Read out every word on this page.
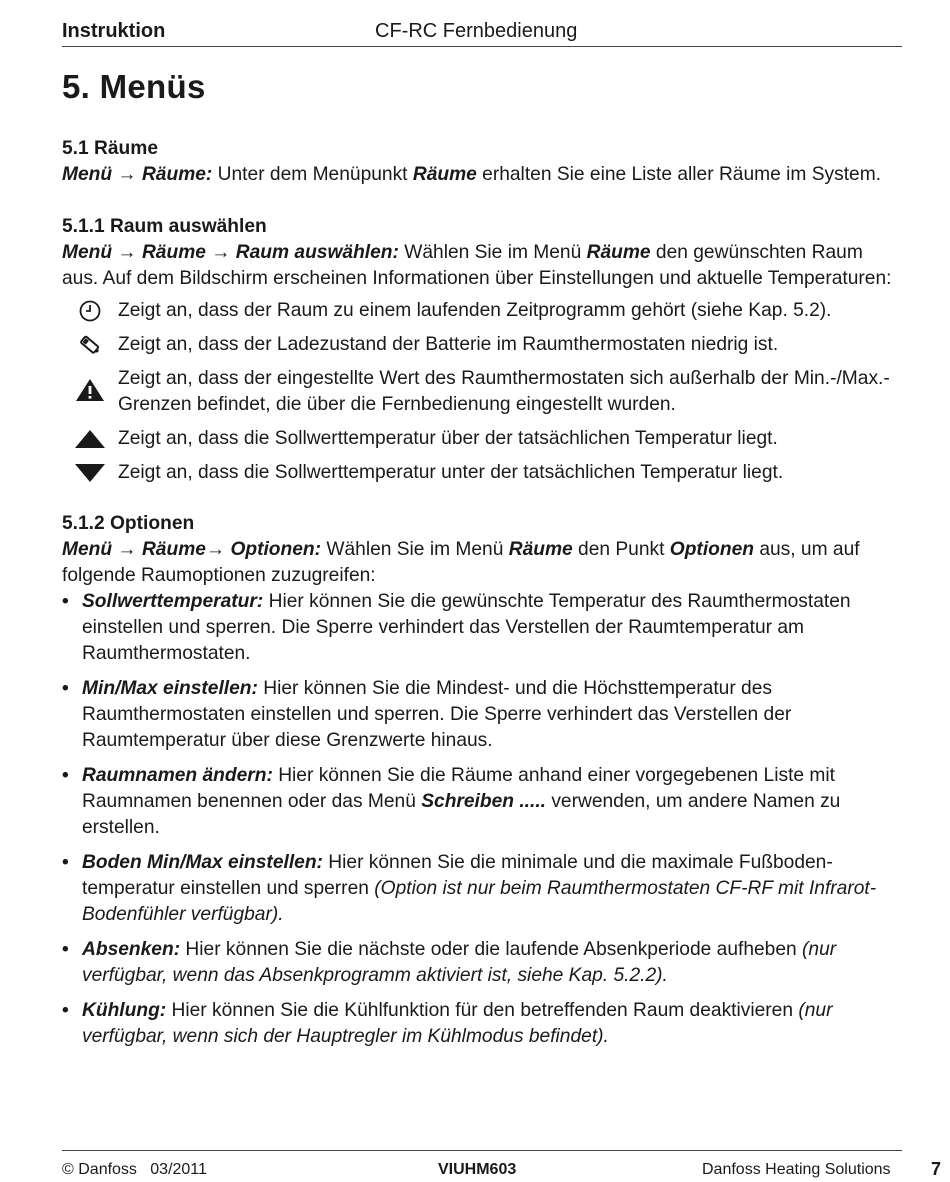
Instruktion	CF-RC Fernbedienung
5. Menüs

5.1 Räume

Menü → Räume: Unter dem Menüpunkt Räume erhalten Sie eine Liste aller Räume im System.

5.1.1 Raum auswählen

Menü → Räume → Raum auswählen: Wählen Sie im Menü Räume den gewünschten Raum aus. Auf dem Bildschirm erscheinen Informationen über Einstellungen und aktuelle Temperaturen:

Zeigt an, dass der Raum zu einem laufenden Zeitprogramm gehört (siehe Kap. 5.2).
Zeigt an, dass der Ladezustand der Batterie im Raumthermostaten niedrig ist.
Zeigt an, dass der eingestellte Wert des Raumthermostaten sich außerhalb der Min.-/Max.-Grenzen befindet, die über die Fernbedienung eingestellt wurden.
Zeigt an, dass die Sollwerttemperatur über der tatsächlichen Temperatur liegt.
Zeigt an, dass die Sollwerttemperatur unter der tatsächlichen Temperatur liegt.

5.1.2 Optionen

Menü → Räume→ Optionen: Wählen Sie im Menü Räume den Punkt Optionen aus, um auf folgende Raumoptionen zuzugreifen:

• Sollwerttemperatur: Hier können Sie die gewünschte Temperatur des Raumthermostaten einstellen und sperren. Die Sperre verhindert das Verstellen der Raumtemperatur am Raumthermostaten.
• Min/Max einstellen: Hier können Sie die Mindest- und die Höchsttemperatur des Raumthermostaten einstellen und sperren. Die Sperre verhindert das Verstellen der Raumtemperatur über diese Grenzwerte hinaus.
• Raumnamen ändern: Hier können Sie die Räume anhand einer vorgegebenen Liste mit Raumnamen benennen oder das Menü Schreiben ..... verwenden, um andere Namen zu erstellen.
• Boden Min/Max einstellen: Hier können Sie die minimale und die maximale Fußboden-temperatur einstellen und sperren (Option ist nur beim Raumthermostaten CF-RF mit Infrarot-Bodenfühler verfügbar).
• Absenken: Hier können Sie die nächste oder die laufende Absenkperiode aufheben (nur verfügbar, wenn das Absenkprogramm aktiviert ist, siehe Kap. 5.2.2).
• Kühlung: Hier können Sie die Kühlfunktion für den betreffenden Raum deaktivieren (nur verfügbar, wenn sich der Hauptregler im Kühlmodus befindet).
© Danfoss   03/2011	VIUHM603	Danfoss Heating Solutions 7
